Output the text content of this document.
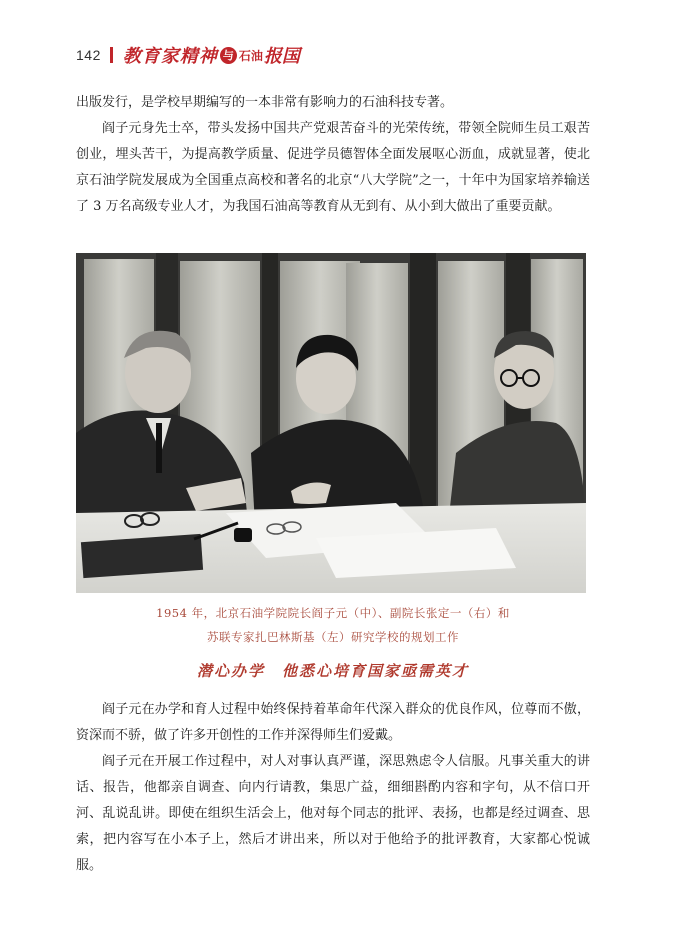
142 教育家精神 与 石油 报国

出版发行，是学校早期编写的一本非常有影响力的石油科技专著。

阎子元身先士卒，带头发扬中国共产党艰苦奋斗的光荣传统，带领全院师生员工艰苦创业，埋头苦干，为提高教学质量、促进学员德智体全面发展呕心沥血，成就显著，使北京石油学院发展成为全国重点高校和著名的北京“八大学院”之一，十年中为国家培养输送了 3 万名高级专业人才，为我国石油高等教育从无到有、从小到大做出了重要贡献。

1954 年，北京石油学院院长阎子元（中）、副院长张定一（右）和
苏联专家扎巴林斯基（左）研究学校的规划工作
潜心办学　他悉心培育国家亟需英才

阎子元在办学和育人过程中始终保持着革命年代深入群众的优良作风，位尊而不傲，资深而不骄，做了许多开创性的工作并深得师生们爱戴。

阎子元在开展工作过程中，对人对事认真严谨，深思熟虑令人信服。凡事关重大的讲话、报告，他都亲自调查、向内行请教，集思广益，细细斟酌内容和字句，从不信口开河、乱说乱讲。即使在组织生活会上，他对每个同志的批评、表扬，也都是经过调查、思索，把内容写在小本子上，然后才讲出来，所以对于他给予的批评教育，大家都心悦诚服。
